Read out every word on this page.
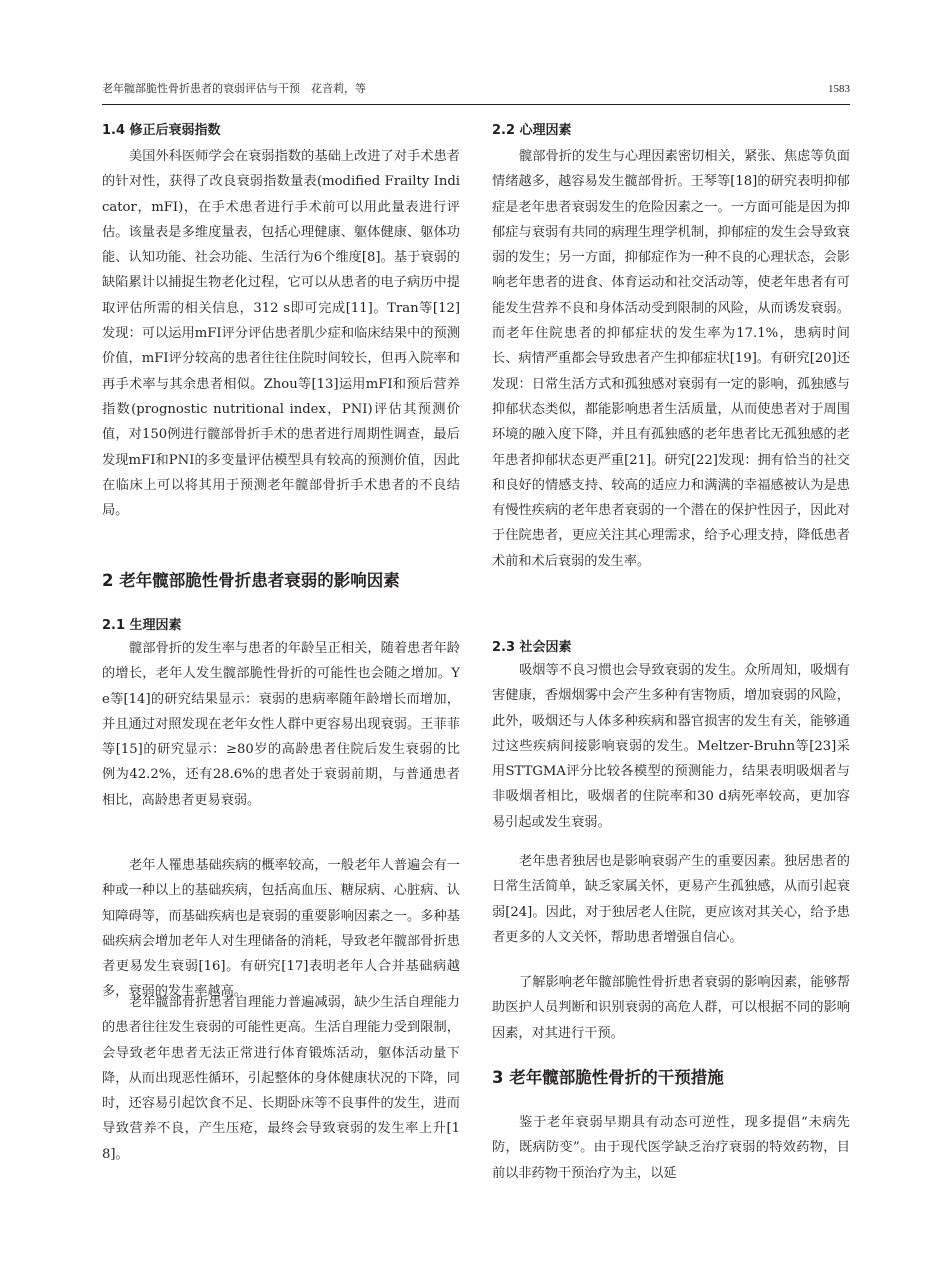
老年髋部脆性骨折患者的衰弱评估与干预　花音莉，等	1583
1.4 修正后衰弱指数

美国外科医师学会在衰弱指数的基础上改进了对手术患者的针对性，获得了改良衰弱指数量表(modified Frailty Indicator，mFI)，在手术患者进行手术前可以用此量表进行评估。该量表是多维度量表，包括心理健康、躯体健康、躯体功能、认知功能、社会功能、生活行为6个维度[8]。基于衰弱的缺陷累计以捕捉生物老化过程，它可以从患者的电子病历中提取评估所需的相关信息，312 s即可完成[11]。Tran等[12]发现：可以运用mFI评分评估患者肌少症和临床结果中的预测价值，mFI评分较高的患者往往住院时间较长，但再入院率和再手术率与其余患者相似。Zhou等[13]运用mFI和预后营养指数(prognostic nutritional index，PNI)评估其预测价值，对150例进行髋部骨折手术的患者进行周期性调查，最后发现mFI和PNI的多变量评估模型具有较高的预测价值，因此在临床上可以将其用于预测老年髋部骨折手术患者的不良结局。

2 老年髋部脆性骨折患者衰弱的影响因素
2.1 生理因素

髋部骨折的发生率与患者的年龄呈正相关，随着患者年龄的增长，老年人发生髋部脆性骨折的可能性也会随之增加。Ye等[14]的研究结果显示：衰弱的患病率随年龄增长而增加，并且通过对照发现在老年女性人群中更容易出现衰弱。王菲菲等[15]的研究显示：≥80岁的高龄患者住院后发生衰弱的比例为42.2%，还有28.6%的患者处于衰弱前期，与普通患者相比，高龄患者更易衰弱。

老年人罹患基础疾病的概率较高，一般老年人普遍会有一种或一种以上的基础疾病，包括高血压、糖尿病、心脏病、认知障碍等，而基础疾病也是衰弱的重要影响因素之一。多种基础疾病会增加老年人对生理储备的消耗，导致老年髋部骨折患者更易发生衰弱[16]。有研究[17]表明老年人合并基础病越多，衰弱的发生率越高。

老年髋部骨折患者自理能力普遍减弱，缺少生活自理能力的患者往往发生衰弱的可能性更高。生活自理能力受到限制，会导致老年患者无法正常进行体育锻炼活动，躯体活动量下降，从而出现恶性循环，引起整体的身体健康状况的下降，同时，还容易引起饮食不足、长期卧床等不良事件的发生，进而导致营养不良，产生压疮，最终会导致衰弱的发生率上升[18]。

2.2 心理因素

髋部骨折的发生与心理因素密切相关，紧张、焦虑等负面情绪越多，越容易发生髋部骨折。王琴等[18]的研究表明抑郁症是老年患者衰弱发生的危险因素之一。一方面可能是因为抑郁症与衰弱有共同的病理生理学机制，抑郁症的发生会导致衰弱的发生；另一方面，抑郁症作为一种不良的心理状态，会影响老年患者的进食、体育运动和社交活动等，使老年患者有可能发生营养不良和身体活动受到限制的风险，从而诱发衰弱。而老年住院患者的抑郁症状的发生率为17.1%，患病时间长、病情严重都会导致患者产生抑郁症状[19]。有研究[20]还发现：日常生活方式和孤独感对衰弱有一定的影响，孤独感与抑郁状态类似，都能影响患者生活质量，从而使患者对于周围环境的融入度下降，并且有孤独感的老年患者比无孤独感的老年患者抑郁状态更严重[21]。研究[22]发现：拥有恰当的社交和良好的情感支持、较高的适应力和满满的幸福感被认为是患有慢性疾病的老年患者衰弱的一个潜在的保护性因子，因此对于住院患者，更应关注其心理需求，给予心理支持，降低患者术前和术后衰弱的发生率。

2.3 社会因素

吸烟等不良习惯也会导致衰弱的发生。众所周知，吸烟有害健康，香烟烟雾中会产生多种有害物质，增加衰弱的风险，此外，吸烟还与人体多种疾病和器官损害的发生有关，能够通过这些疾病间接影响衰弱的发生。Meltzer-Bruhn等[23]采用STTGMA评分比较各模型的预测能力，结果表明吸烟者与非吸烟者相比，吸烟者的住院率和30 d病死率较高，更加容易引起或发生衰弱。

老年患者独居也是影响衰弱产生的重要因素。独居患者的日常生活简单，缺乏家属关怀，更易产生孤独感，从而引起衰弱[24]。因此，对于独居老人住院，更应该对其关心，给予患者更多的人文关怀，帮助患者增强自信心。

了解影响老年髋部脆性骨折患者衰弱的影响因素，能够帮助医护人员判断和识别衰弱的高危人群，可以根据不同的影响因素，对其进行干预。

3 老年髋部脆性骨折的干预措施

鉴于老年衰弱早期具有动态可逆性，现多提倡“未病先防，既病防变”。由于现代医学缺乏治疗衰弱的特效药物，目前以非药物干预治疗为主，以延
